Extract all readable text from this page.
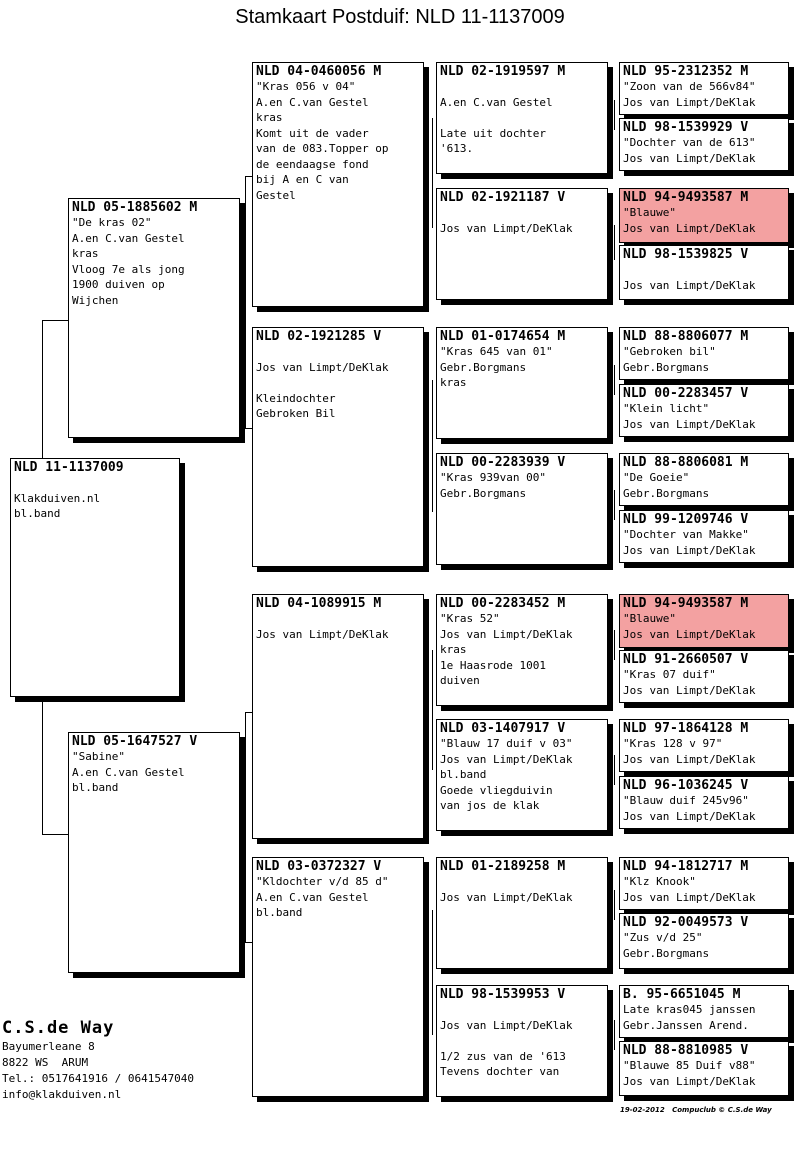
Stamkaart Postduif: NLD 11-1137009
NLD 11-1137009

Klakduiven.nl
bl.band
NLD 05-1885602 M
"De kras 02"
A.en C.van Gestel
kras
Vloog 7e als jong
1900 duiven op
Wijchen
NLD 05-1647527 V
"Sabine"
A.en C.van Gestel
bl.band
NLD 04-0460056 M
"Kras 056 v 04"
A.en C.van Gestel
kras
Komt uit de vader
van de 083.Topper op
de eendaagse fond
bij A en C van
Gestel
NLD 02-1921285 V

Jos van Limpt/DeKlak

Kleindochter
Gebroken Bil
NLD 04-1089915 M

Jos van Limpt/DeKlak
NLD 03-0372327 V
"Kldochter v/d 85 d"
A.en C.van Gestel
bl.band
NLD 02-1919597 M

A.en C.van Gestel

Late uit dochter
'613.
NLD 02-1921187 V

Jos van Limpt/DeKlak
NLD 01-0174654 M
"Kras 645 van 01"
Gebr.Borgmans
kras
NLD 00-2283939 V
"Kras 939van 00"
Gebr.Borgmans
NLD 00-2283452 M
"Kras 52"
Jos van Limpt/DeKlak
kras
1e Haasrode 1001
duiven
NLD 03-1407917 V
"Blauw 17 duif v 03"
Jos van Limpt/DeKlak
bl.band
Goede vliegduivin
van jos de klak
NLD 01-2189258 M

Jos van Limpt/DeKlak
NLD 98-1539953 V

Jos van Limpt/DeKlak

1/2 zus van de '613
Tevens dochter van
NLD 95-2312352 M
"Zoon van de 566v84"
Jos van Limpt/DeKlak
NLD 98-1539929 V
"Dochter van de 613"
Jos van Limpt/DeKlak
NLD 94-9493587 M
"Blauwe"
Jos van Limpt/DeKlak
NLD 98-1539825 V

Jos van Limpt/DeKlak
NLD 88-8806077 M
"Gebroken bil"
Gebr.Borgmans
NLD 00-2283457 V
"Klein licht"
Jos van Limpt/DeKlak
NLD 88-8806081 M
"De Goeie"
Gebr.Borgmans
NLD 99-1209746 V
"Dochter van Makke"
Jos van Limpt/DeKlak
NLD 94-9493587 M
"Blauwe"
Jos van Limpt/DeKlak
NLD 91-2660507 V
"Kras 07 duif"
Jos van Limpt/DeKlak
NLD 97-1864128 M
"Kras 128 v 97"
Jos van Limpt/DeKlak
NLD 96-1036245 V
"Blauw duif 245v96"
Jos van Limpt/DeKlak
NLD 94-1812717 M
"Klz Knook"
Jos van Limpt/DeKlak
NLD 92-0049573 V
"Zus v/d 25"
Gebr.Borgmans
B. 95-6651045 M
Late kras045 janssen
Gebr.Janssen Arend.
NLD 88-8810985 V
"Blauwe 85 Duif v88"
Jos van Limpt/DeKlak
C.S.de Way
Bayumerleane 8
8822 WS  ARUM
Tel.: 0517641916 / 0641547040
info@klakduiven.nl
19-02-2012   Compuclub © C.S.de Way
